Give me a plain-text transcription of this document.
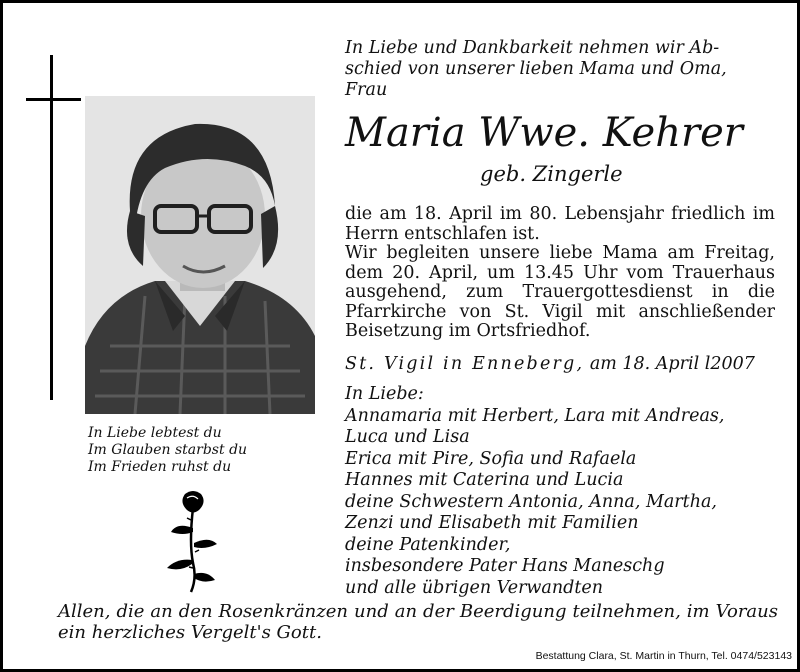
In Liebe und Dankbarkeit nehmen wir Ab-
schied von unserer lieben Mama und Oma,
Frau
Maria Wwe. Kehrer
geb. Zingerle

die am 18. April im 80. Lebensjahr friedlich im Herrn entschlafen ist.

Wir begleiten unsere liebe Mama am Freitag, dem 20. April, um 13.45 Uhr vom Trauerhaus ausgehend, zum Trauergottesdienst in die Pfarrkirche von St. Vigil mit anschließender Beisetzung im Ortsfriedhof.

St. Vigil in Enneberg, am 18. April l2007
In Liebe:
Annamaria mit Herbert, Lara mit Andreas,
Luca und Lisa
Erica mit Pire, Sofia und Rafaela
Hannes mit Caterina und Lucia
deine Schwestern Antonia, Anna, Martha,
Zenzi und Elisabeth mit Familien
deine Patenkinder,
insbesondere Pater Hans Maneschg
und alle übrigen Verwandten
In Liebe lebtest du
Im Glauben starbst du
Im Frieden ruhst du
Allen, die an den Rosenkränzen und an der Beerdigung teilnehmen, im Voraus ein herzliches Vergelt's Gott.
Bestattung Clara, St. Martin in Thurn, Tel. 0474/523143
